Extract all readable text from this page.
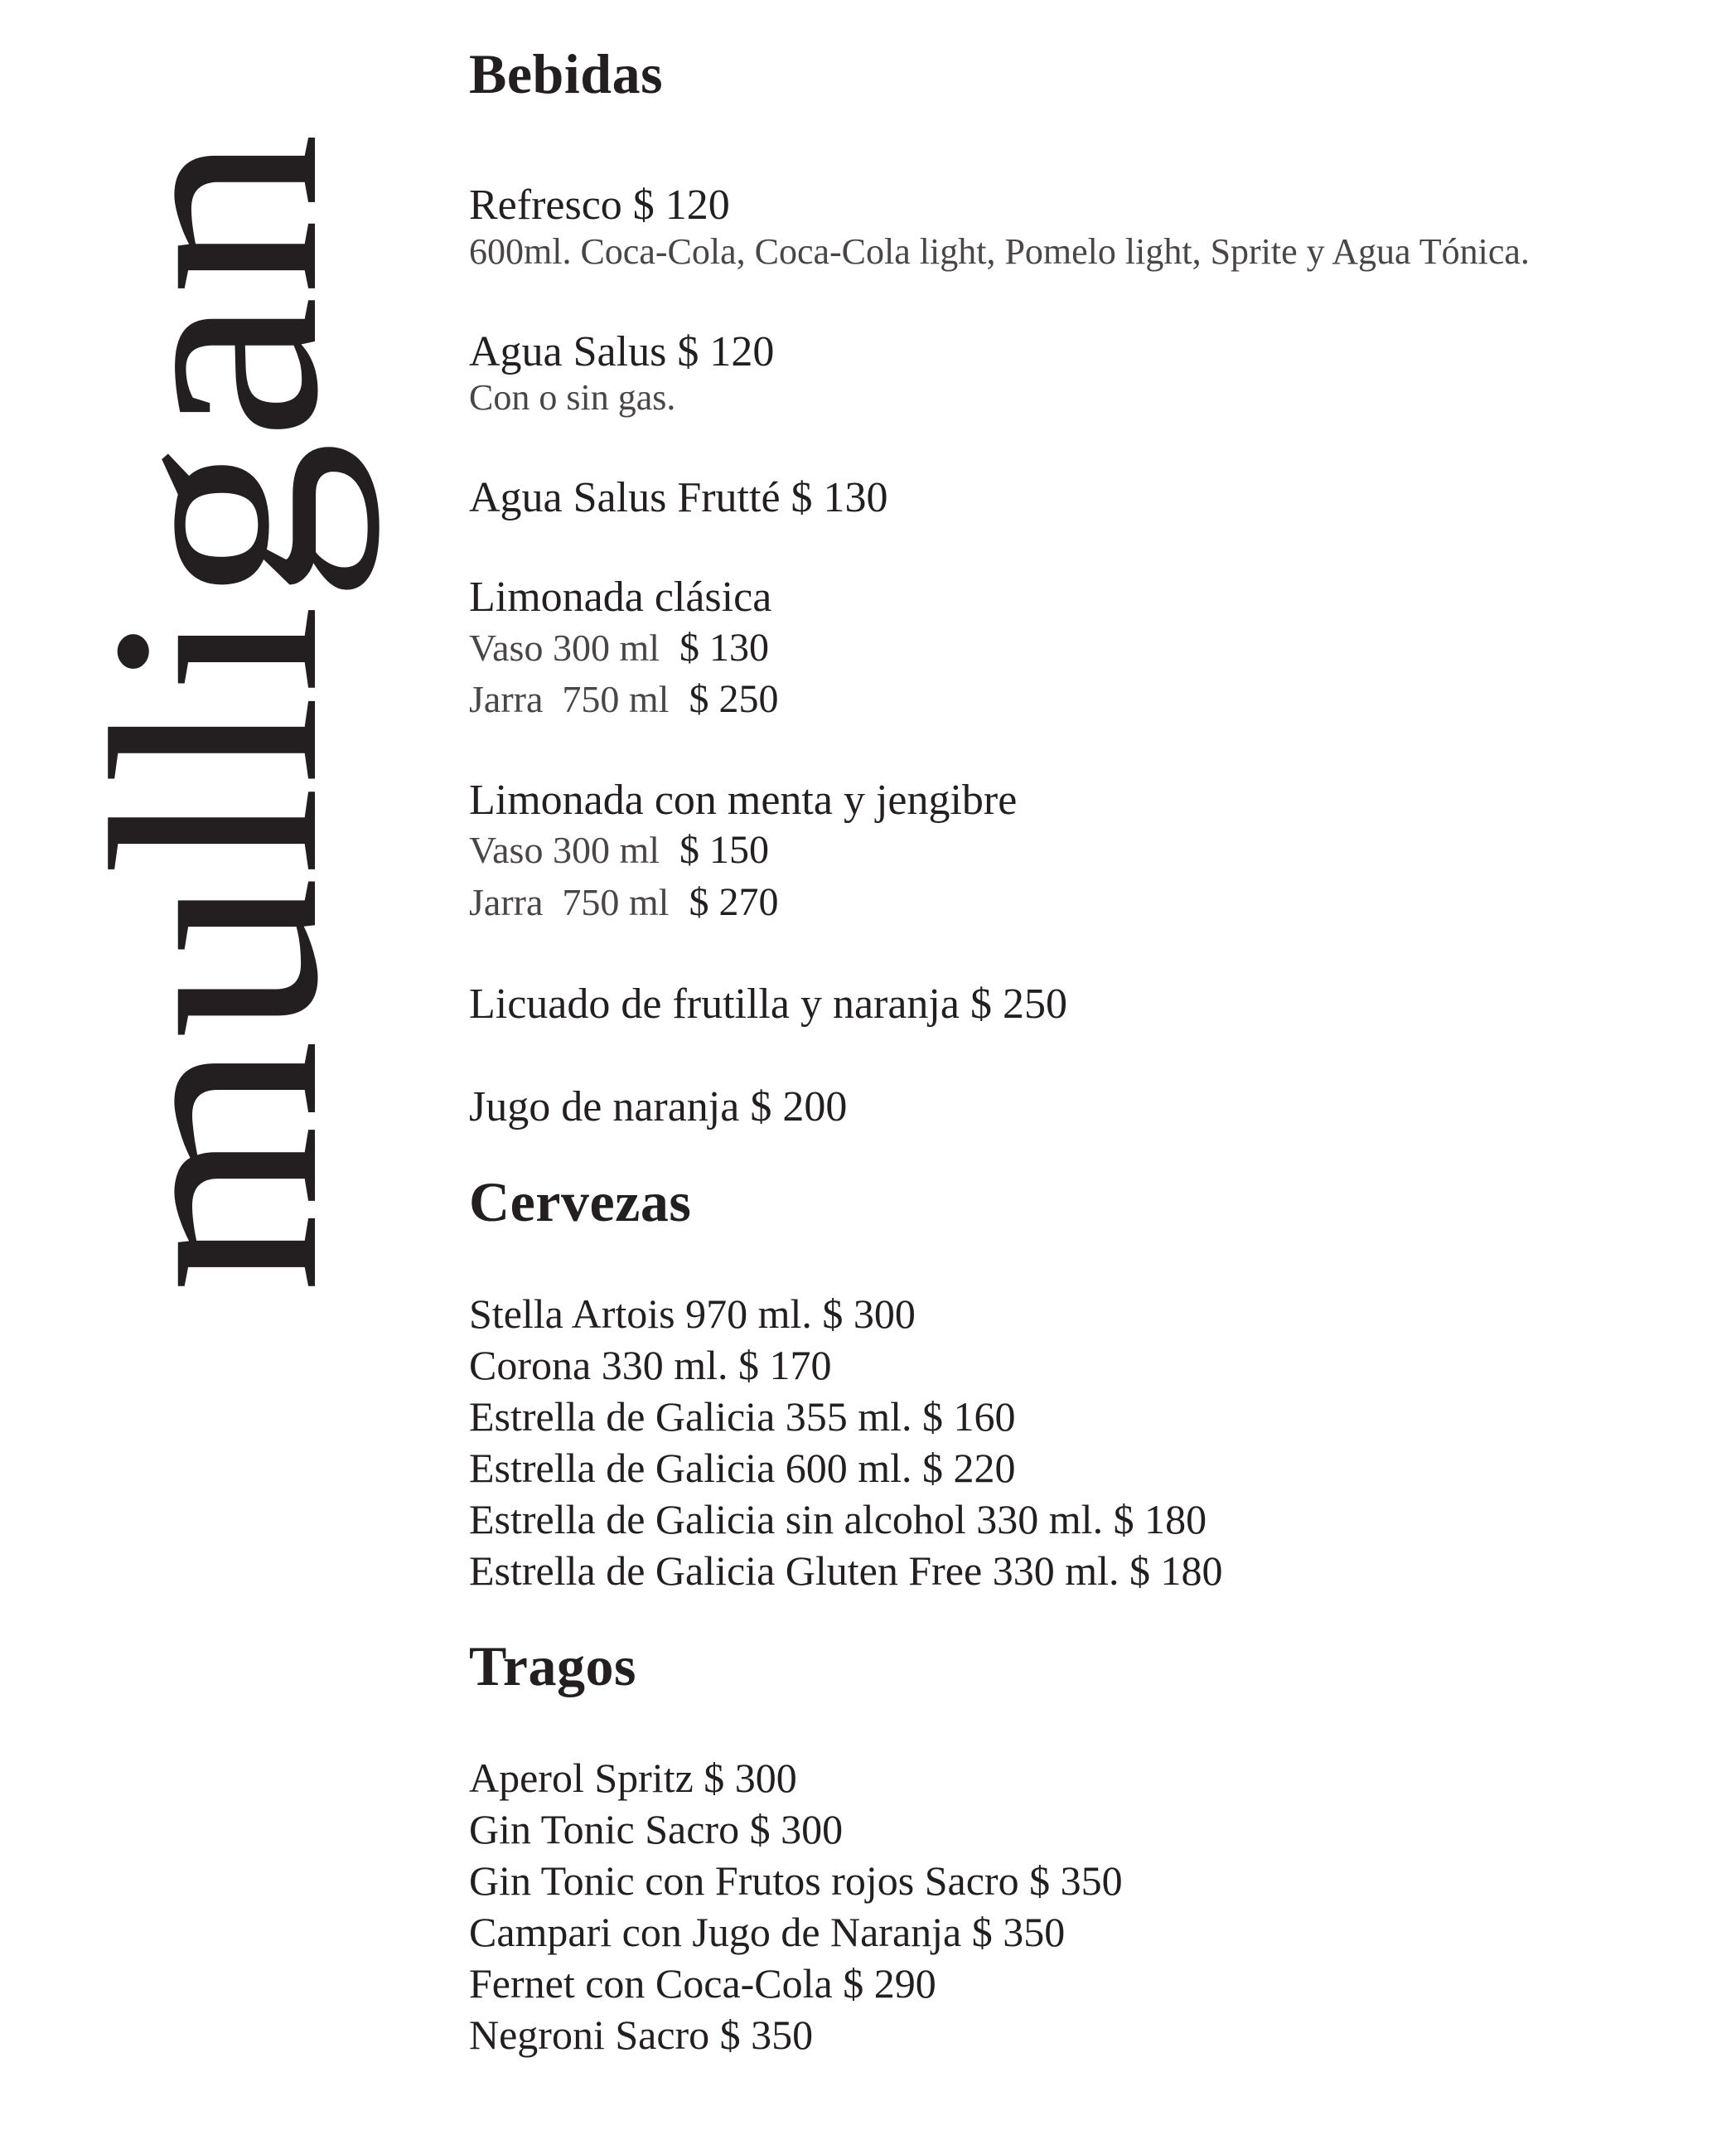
mulligan
Bebidas
Refresco $ 120
600ml. Coca-Cola, Coca-Cola light, Pomelo light, Sprite y Agua Tónica.
Agua Salus $ 120
Con o sin gas.
Agua Salus Frutté $ 130
Limonada clásica
Vaso 300 ml $ 130
Jarra  750 ml $ 250
Limonada con menta y jengibre
Vaso 300 ml $ 150
Jarra  750 ml $ 270
Licuado de frutilla y naranja $ 250
Jugo de naranja $ 200
Cervezas
Stella Artois 970 ml. $ 300
Corona 330 ml. $ 170
Estrella de Galicia 355 ml. $ 160
Estrella de Galicia 600 ml. $ 220
Estrella de Galicia sin alcohol 330 ml. $ 180
Estrella de Galicia Gluten Free 330 ml. $ 180
Tragos
Aperol Spritz $ 300
Gin Tonic Sacro $ 300
Gin Tonic con Frutos rojos Sacro $ 350
Campari con Jugo de Naranja $ 350
Fernet con Coca-Cola $ 290
Negroni Sacro $ 350
